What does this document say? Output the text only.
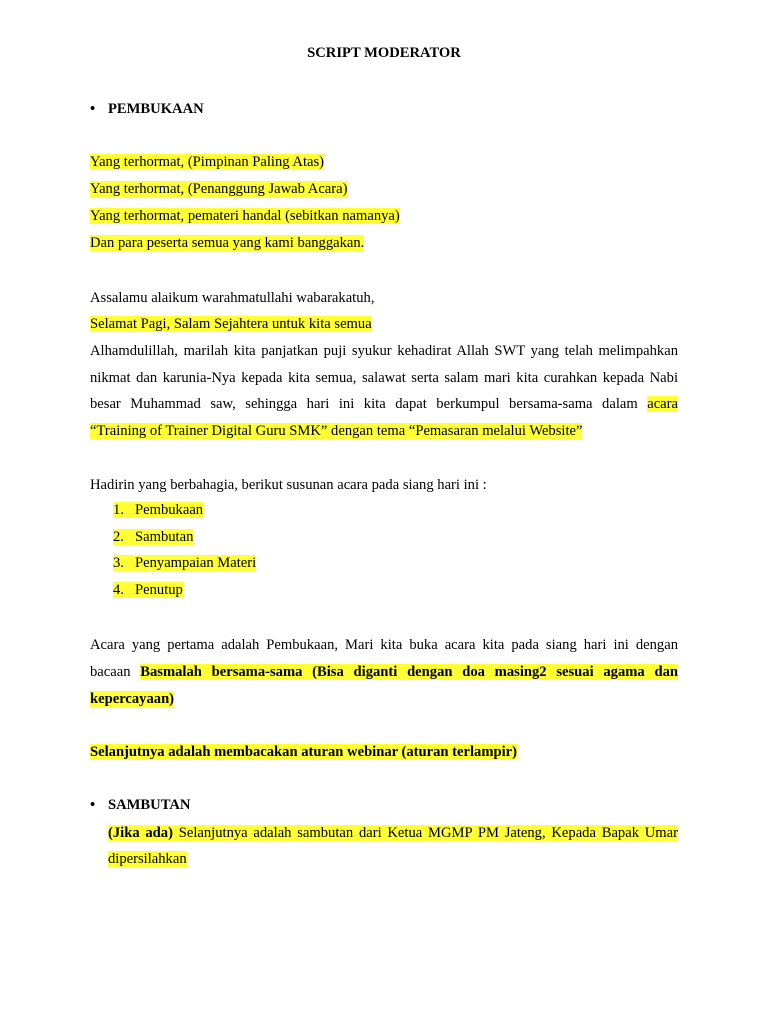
SCRIPT MODERATOR
• PEMBUKAAN
Yang terhormat, (Pimpinan Paling Atas)
Yang terhormat, (Penanggung Jawab Acara)
Yang terhormat, pemateri handal (sebitkan namanya)
Dan para peserta semua yang kami banggakan.
Assalamu alaikum warahmatullahi wabarakatuh,
Selamat Pagi, Salam Sejahtera untuk kita semua
Alhamdulillah, marilah kita panjatkan puji syukur kehadirat Allah SWT yang telah melimpahkan
nikmat dan karunia-Nya kepada kita semua, salawat serta salam mari kita curahkan kepada Nabi
besar Muhammad saw, sehingga hari ini kita dapat berkumpul bersama-sama dalam acara
“Training of Trainer Digital Guru SMK” dengan tema “Pemasaran melalui Website”
Hadirin yang berbahagia, berikut susunan acara pada siang hari ini :
1. Pembukaan
2. Sambutan
3. Penyampaian Materi
4. Penutup
Acara yang pertama adalah Pembukaan, Mari kita buka acara kita pada siang hari ini dengan
bacaan Basmalah bersama-sama (Bisa diganti dengan doa masing2 sesuai agama dan
kepercayaan)
Selanjutnya adalah membacakan aturan webinar (aturan terlampir)
• SAMBUTAN
(Jika ada) Selanjutnya adalah sambutan dari Ketua MGMP PM Jateng, Kepada Bapak Umar
dipersilahkan
